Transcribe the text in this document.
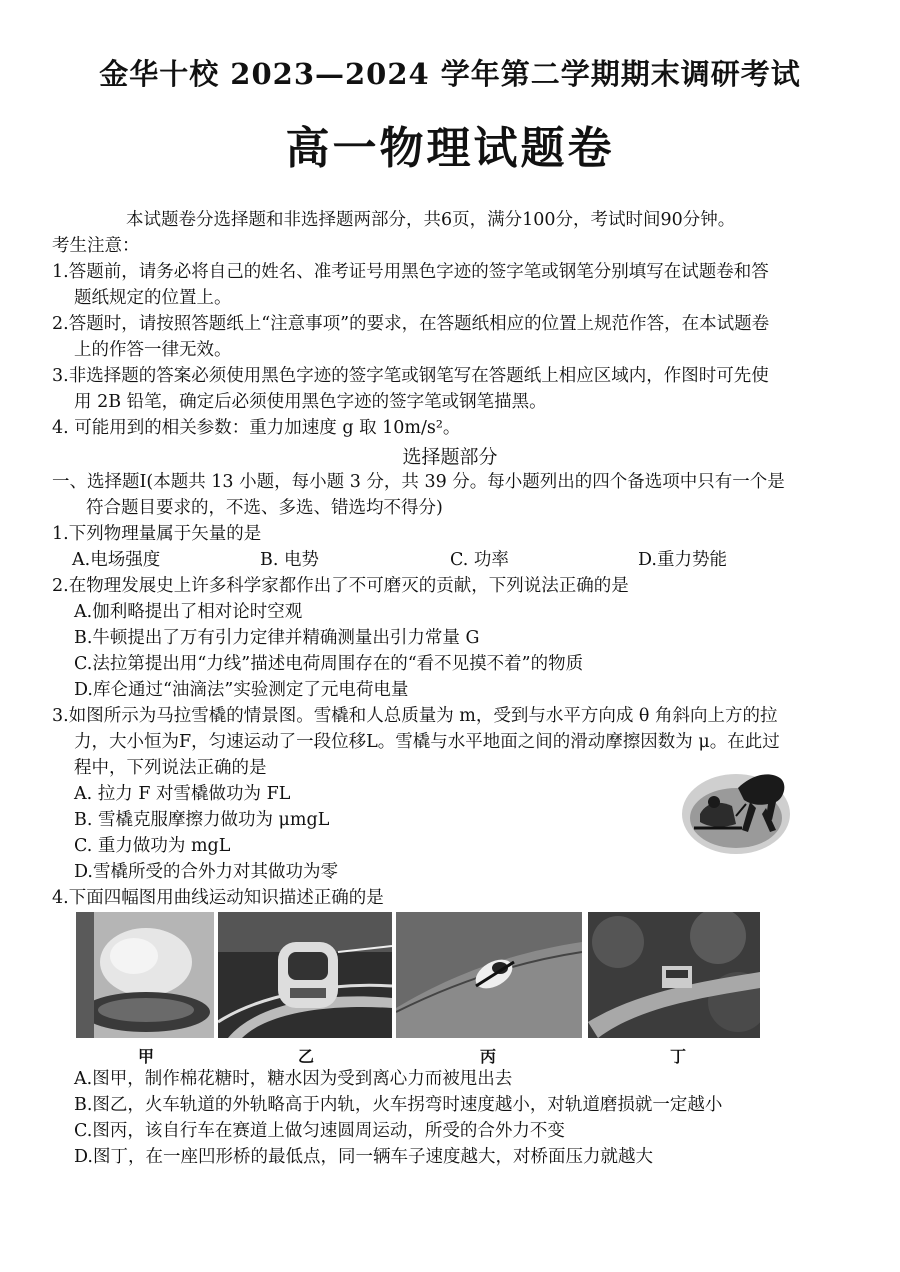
金华十校 2023—2024 学年第二学期期末调研考试
高一物理试题卷
本试题卷分选择题和非选择题两部分，共6页，满分100分，考试时间90分钟。
考生注意：
1.答题前，请务必将自己的姓名、准考证号用黑色字迹的签字笔或钢笔分别填写在试题卷和答
题纸规定的位置上。
2.答题时，请按照答题纸上“注意事项”的要求，在答题纸相应的位置上规范作答，在本试题卷
上的作答一律无效。
3.非选择题的答案必须使用黑色字迹的签字笔或钢笔写在答题纸上相应区域内，作图时可先使
用 2B 铅笔，确定后必须使用黑色字迹的签字笔或钢笔描黑。
4. 可能用到的相关参数：重力加速度 g 取 10m/s²。
选择题部分
一、选择题Ⅰ(本题共 13 小题，每小题 3 分，共 39 分。每小题列出的四个备选项中只有一个是
符合题目要求的，不选、多选、错选均不得分)
1.下列物理量属于矢量的是
A.电场强度	B. 电势	C. 功率	D.重力势能
2.在物理发展史上许多科学家都作出了不可磨灭的贡献，下列说法正确的是
A.伽利略提出了相对论时空观
B.牛顿提出了万有引力定律并精确测量出引力常量 G
C.法拉第提出用“力线”描述电荷周围存在的“看不见摸不着”的物质
D.库仑通过“油滴法”实验测定了元电荷电量
3.如图所示为马拉雪橇的情景图。雪橇和人总质量为 m，受到与水平方向成 θ 角斜向上方的拉
力，大小恒为F，匀速运动了一段位移L。雪橇与水平地面之间的滑动摩擦因数为 μ。在此过
程中，下列说法正确的是
A. 拉力 F 对雪橇做功为 FL
B. 雪橇克服摩擦力做功为 μmgL
C. 重力做功为 mgL
D.雪橇所受的合外力对其做功为零
4.下面四幅图用曲线运动知识描述正确的是
甲	乙	丙	丁
A.图甲，制作棉花糖时，糖水因为受到离心力而被甩出去
B.图乙，火车轨道的外轨略高于内轨，火车拐弯时速度越小，对轨道磨损就一定越小
C.图丙，该自行车在赛道上做匀速圆周运动，所受的合外力不变
D.图丁，在一座凹形桥的最低点，同一辆车子速度越大，对桥面压力就越大
